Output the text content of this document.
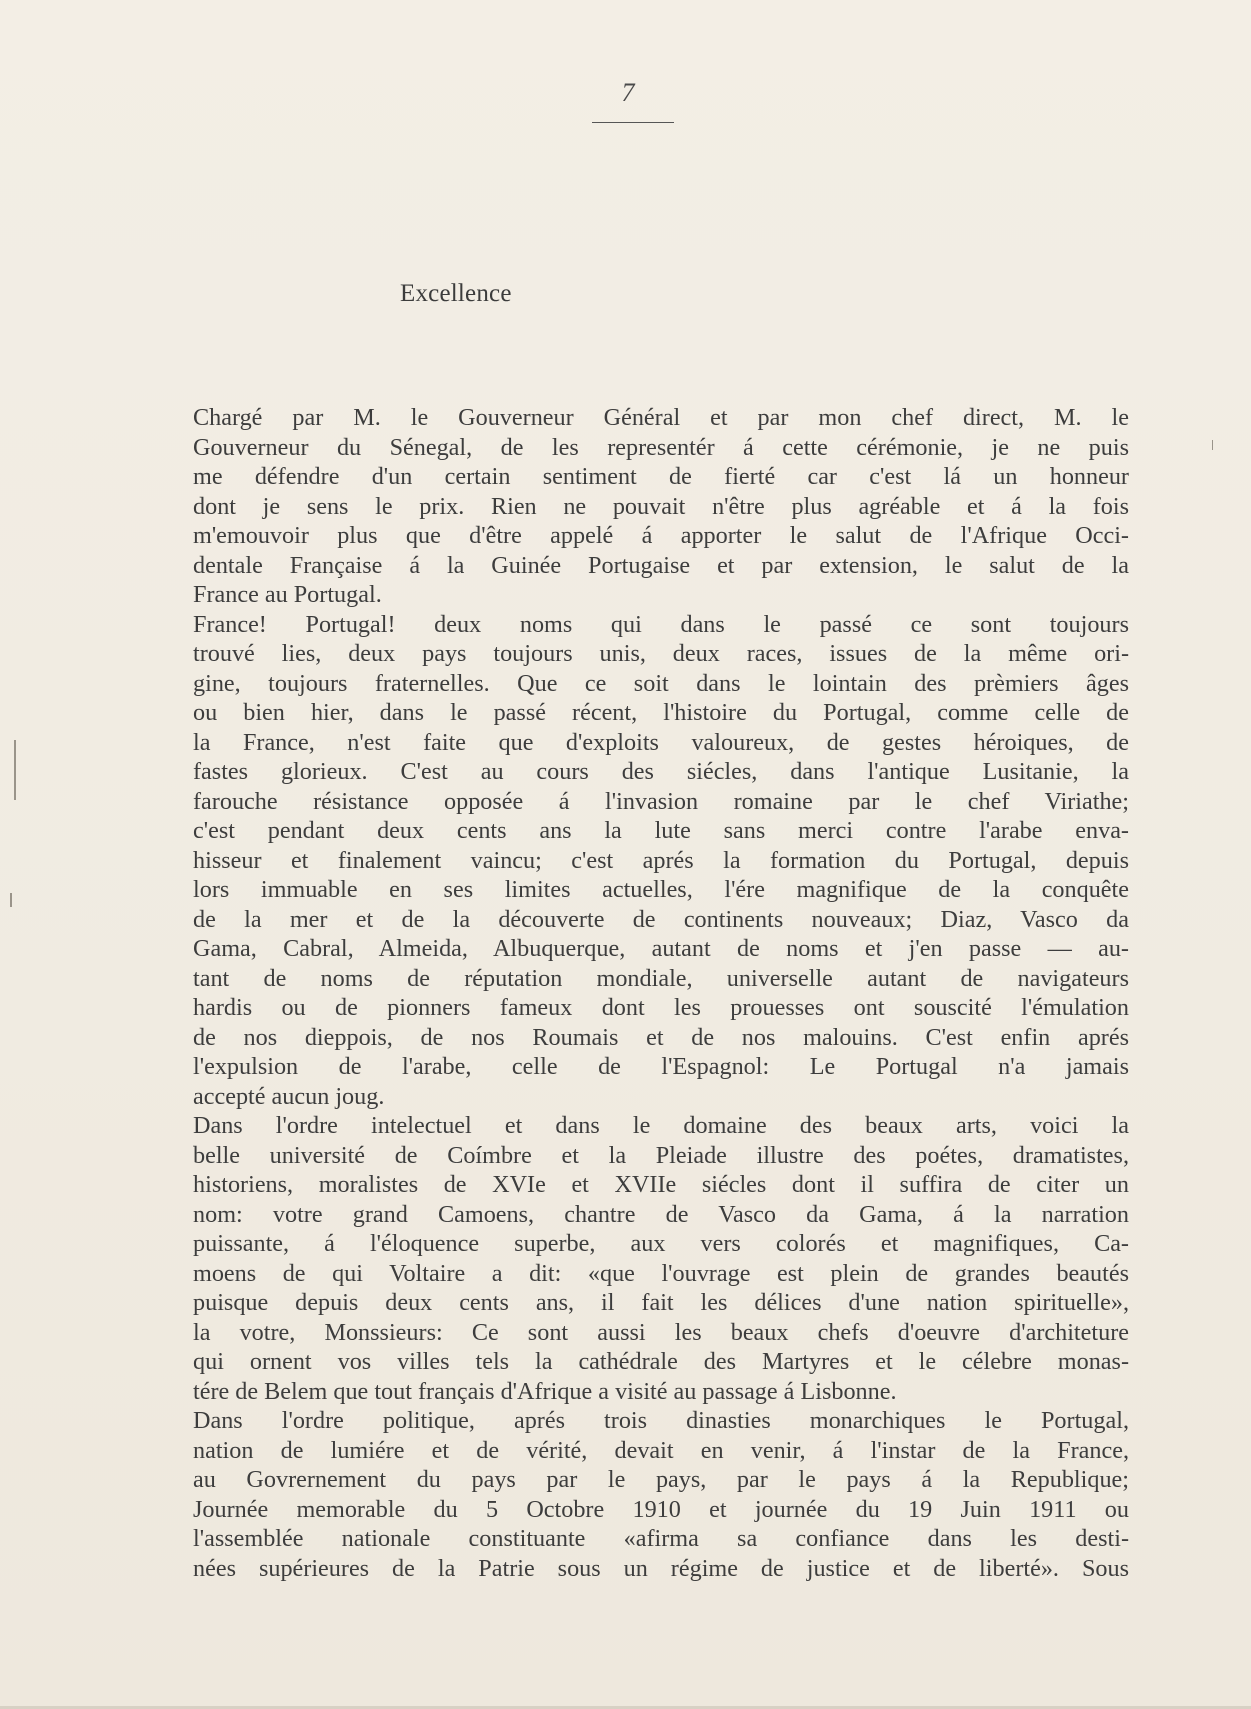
7
Excellence

Chargé par M. le Gouverneur Général et par mon chef direct, M. le
Gouverneur du Sénegal, de les representér á cette cérémonie, je ne puis
me défendre d'un certain sentiment de fierté car c'est lá un honneur
dont je sens le prix. Rien ne pouvait n'être plus agréable et á la fois
m'emouvoir plus que d'être appelé á apporter le salut de l'Afrique Occi-
dentale Française á la Guinée Portugaise et par extension, le salut de la
France au Portugal.

France! Portugal! deux noms qui dans le passé ce sont toujours
trouvé lies, deux pays toujours unis, deux races, issues de la même ori-
gine, toujours fraternelles. Que ce soit dans le lointain des prèmiers âges
ou bien hier, dans le passé récent, l'histoire du Portugal, comme celle de
la France, n'est faite que d'exploits valoureux, de gestes héroiques, de
fastes glorieux. C'est au cours des siécles, dans l'antique Lusitanie, la
farouche résistance opposée á l'invasion romaine par le chef Viriathe;
c'est pendant deux cents ans la lute sans merci contre l'arabe enva-
hisseur et finalement vaincu; c'est aprés la formation du Portugal, depuis
lors immuable en ses limites actuelles, l'ére magnifique de la conquête
de la mer et de la découverte de continents nouveaux; Diaz, Vasco da
Gama, Cabral, Almeida, Albuquerque, autant de noms et j'en passe — au-
tant de noms de réputation mondiale, universelle autant de navigateurs
hardis ou de pionners fameux dont les prouesses ont souscité l'émulation
de nos dieppois, de nos Roumais et de nos malouins. C'est enfin aprés
l'expulsion de l'arabe, celle de l'Espagnol: Le Portugal n'a jamais
accepté aucun joug.

Dans l'ordre intelectuel et dans le domaine des beaux arts, voici la
belle université de Coímbre et la Pleiade illustre des poétes, dramatistes,
historiens, moralistes de XVIe et XVIIe siécles dont il suffira de citer un
nom: votre grand Camoens, chantre de Vasco da Gama, á la narration
puissante, á l'éloquence superbe, aux vers colorés et magnifiques, Ca-
moens de qui Voltaire a dit: «que l'ouvrage est plein de grandes beautés
puisque depuis deux cents ans, il fait les délices d'une nation spirituelle»,
la votre, Monssieurs: Ce sont aussi les beaux chefs d'oeuvre d'architeture
qui ornent vos villes tels la cathédrale des Martyres et le célebre monas-
tére de Belem que tout français d'Afrique a visité au passage á Lisbonne.

Dans l'ordre politique, aprés trois dinasties monarchiques le Portugal,
nation de lumiére et de vérité, devait en venir, á l'instar de la France,
au Govrernement du pays par le pays, par le pays á la Republique;
Journée memorable du 5 Octobre 1910 et journée du 19 Juin 1911 ou
l'assemblée nationale constituante «afirma sa confiance dans les desti-
nées supérieures de la Patrie sous un régime de justice et de liberté». Sous
